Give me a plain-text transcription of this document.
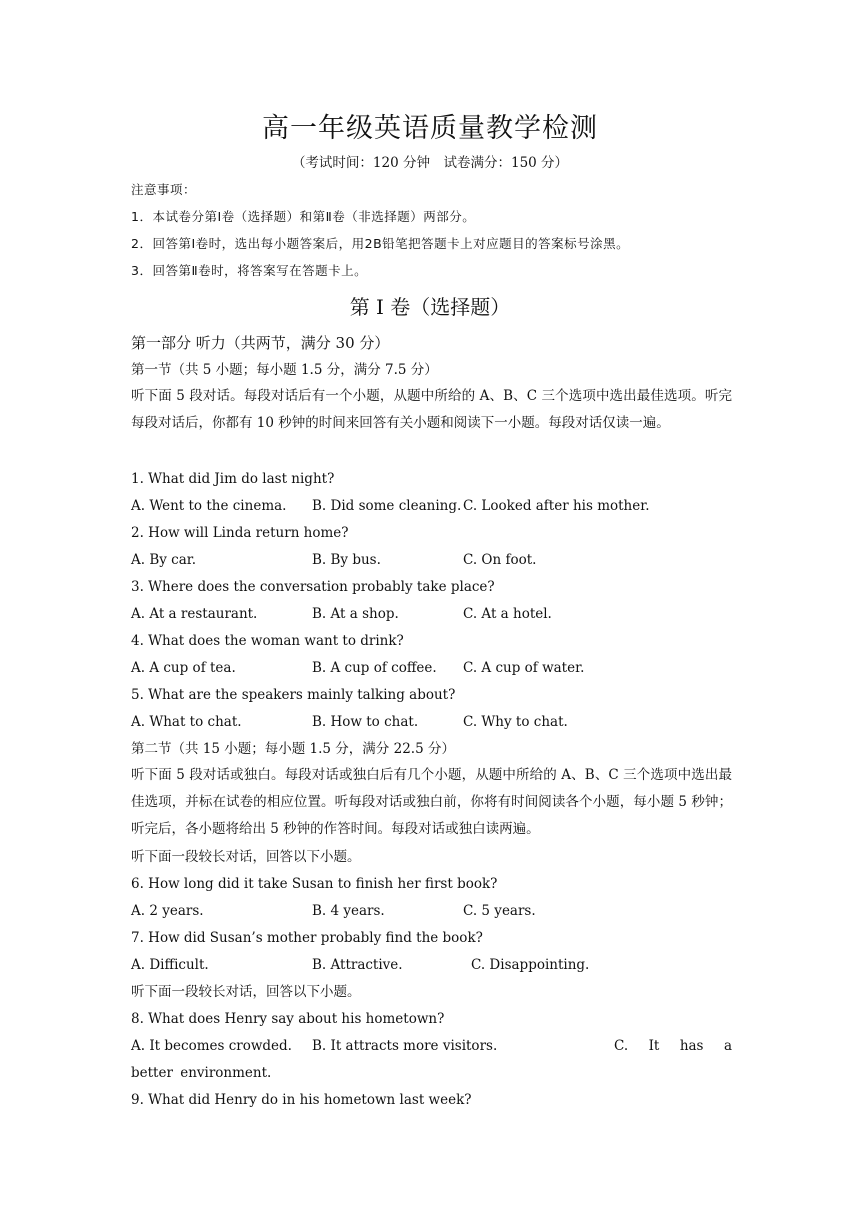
高一年级英语质量教学检测
（考试时间：120 分钟　试卷满分：150 分）
注意事项：
1．本试卷分第Ⅰ卷（选择题）和第Ⅱ卷（非选择题）两部分。
2．回答第Ⅰ卷时，选出每小题答案后，用2B铅笔把答题卡上对应题目的答案标号涂黑。
3．回答第Ⅱ卷时，将答案写在答题卡上。
第 I 卷（选择题）
第一部分 听力（共两节，满分 30 分）
第一节（共 5 小题；每小题 1.5 分，满分 7.5 分）
听下面 5 段对话。每段对话后有一个小题，从题中所给的 A、B、C 三个选项中选出最佳选项。听完每段对话后，你都有 10 秒钟的时间来回答有关小题和阅读下一小题。每段对话仅读一遍。
1. What did Jim do last night?
A. Went to the cinema. B. Did some cleaning. C. Looked after his mother.
2. How will Linda return home?
A. By car.	B. By bus.	C. On foot.
3. Where does the conversation probably take place?
A. At a restaurant.	B. At a shop.	C. At a hotel.
4. What does the woman want to drink?
A. A cup of tea.	B. A cup of coffee. C. A cup of water.
5. What are the speakers mainly talking about?
A. What to chat.	B. How to chat.	C. Why to chat.
第二节（共 15 小题；每小题 1.5 分，满分 22.5 分）
听下面 5 段对话或独白。每段对话或独白后有几个小题，从题中所给的 A、B、C 三个选项中选出最佳选项，并标在试卷的相应位置。听每段对话或独白前，你将有时间阅读各个小题，每小题 5 秒钟；听完后，各小题将给出 5 秒钟的作答时间。每段对话或独白读两遍。
听下面一段较长对话，回答以下小题。
6. How long did it take Susan to finish her first book?
A. 2 years.	B. 4 years.	C. 5 years.
7. How did Susan’s mother probably find the book?
A. Difficult.	B. Attractive.	C. Disappointing.
听下面一段较长对话，回答以下小题。
8. What does Henry say about his hometown?
A. It becomes crowded. B. It attracts more visitors.	C. It has a better environment.
9. What did Henry do in his hometown last week?
